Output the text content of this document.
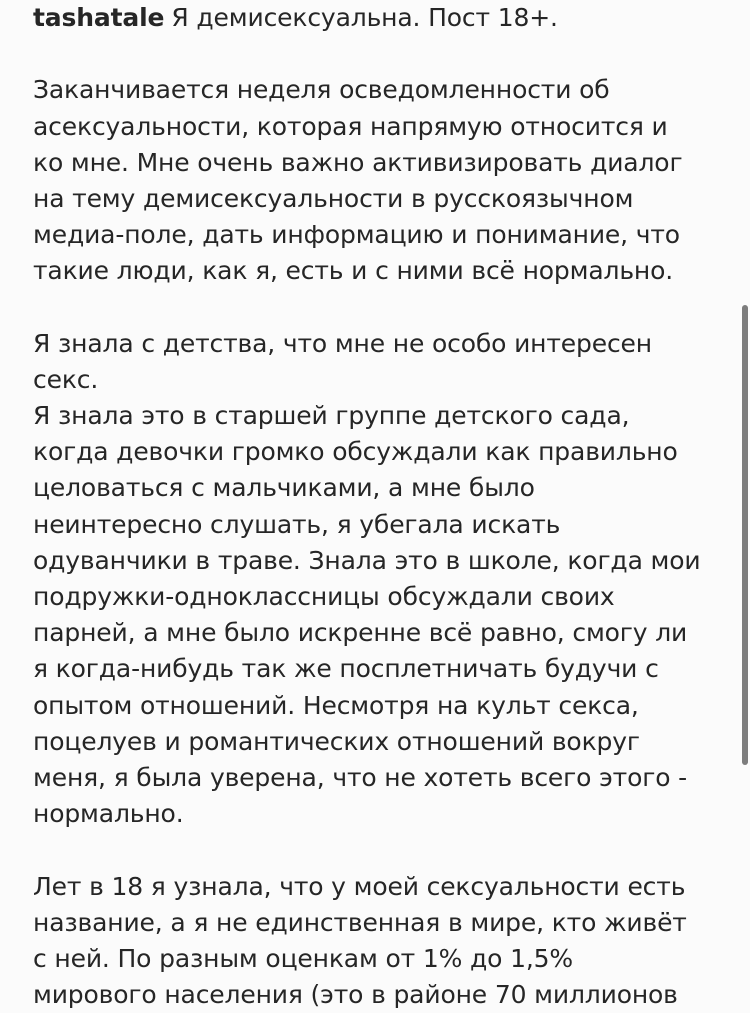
tashatale Я демисексуальна. Пост 18+.
Заканчивается неделя осведомленности об
асексуальности, которая напрямую относится и
ко мне. Мне очень важно активизировать диалог
на тему демисексуальности в русскоязычном
медиа-поле, дать информацию и понимание, что
такие люди, как я, есть и с ними всё нормально.
Я знала с детства, что мне не особо интересен
секс.
Я знала это в старшей группе детского сада,
когда девочки громко обсуждали как правильно
целоваться с мальчиками, а мне было
неинтересно слушать, я убегала искать
одуванчики в траве. Знала это в школе, когда мои
подружки-одноклассницы обсуждали своих
парней, а мне было искренне всё равно, смогу ли
я когда-нибудь так же посплетничать будучи с
опытом отношений. Несмотря на культ секса,
поцелуев и романтических отношений вокруг
меня, я была уверена, что не хотеть всего этого -
нормально.
Лет в 18 я узнала, что у моей сексуальности есть
название, а я не единственная в мире, кто живёт
с ней. По разным оценкам от 1% до 1,5%
мирового населения (это в районе 70 миллионов
